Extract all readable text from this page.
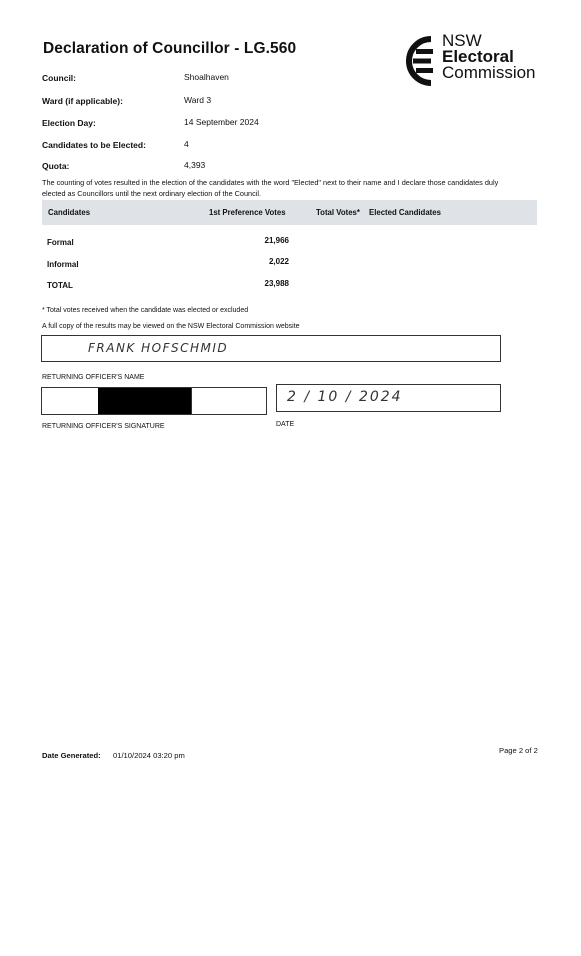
Declaration of Councillor - LG.560	NSW
Electoral
Commission
Council:	Shoalhaven
Ward (if applicable):	Ward 3
Election Day:	14 September 2024
Candidates to be Elected:	4
Quota:	4,393
The counting of votes resulted in the election of the candidates with the word "Elected" next to their name and I declare those candidates duly elected as Councillors until the next ordinary election of the Council.
Candidates	1st Preference Votes	Total Votes* Elected Candidates
Formal	21,966
Informal	2,022
TOTAL	23,988
* Total votes received when the candidate was elected or excluded
A full copy of the results may be viewed on the NSW Electoral Commission website
FRANK HOFSCHMID
RETURNING OFFICER'S NAME
2 / 10 / 2024
RETURNING OFFICER'S SIGNATURE	DATE
Date Generated: 01/10/2024 03:20 pm
Page 2 of 2
